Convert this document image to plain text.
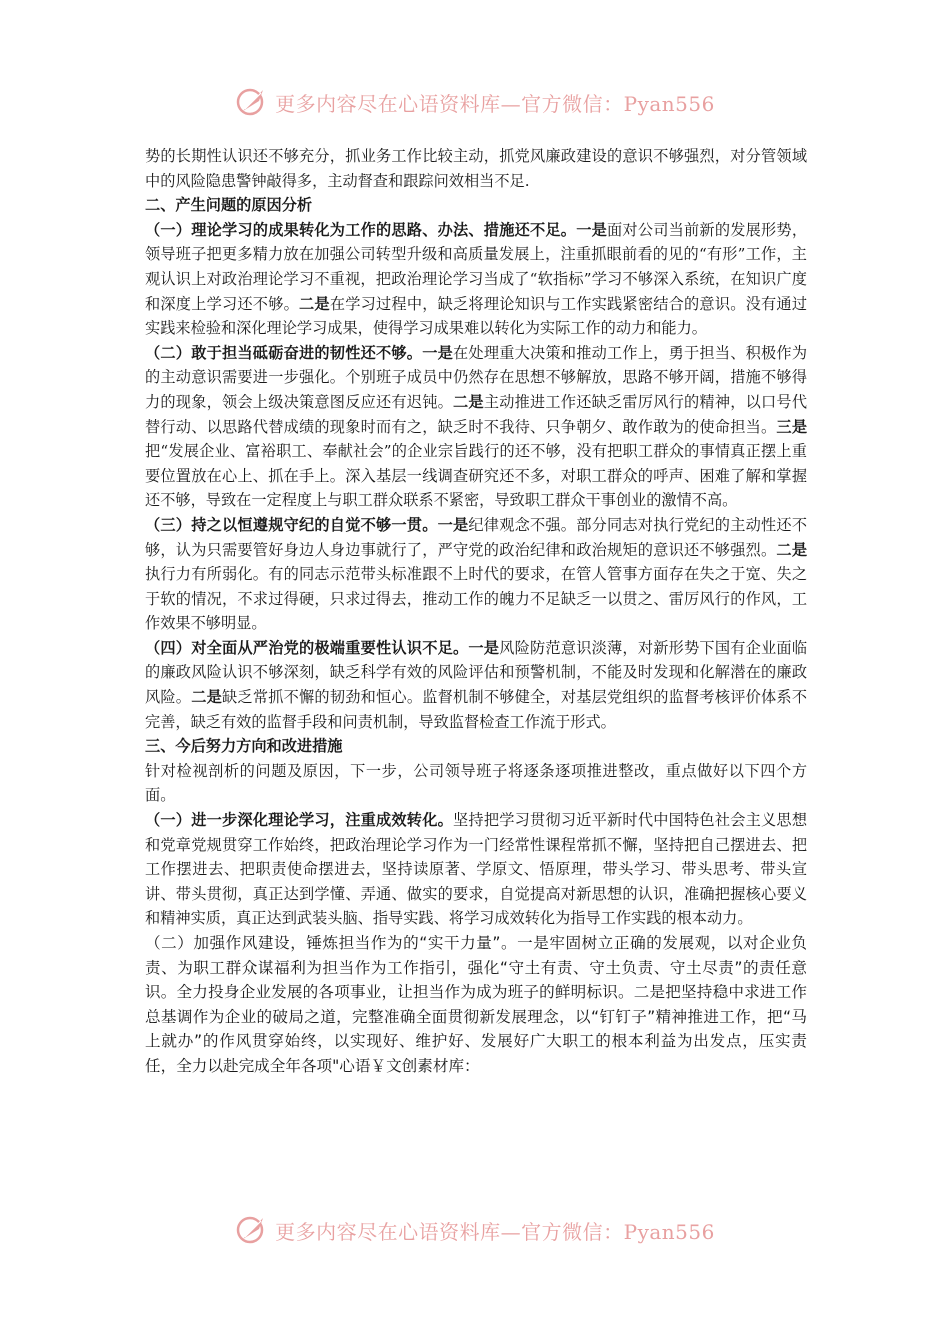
更多内容尽在心语资料库—官方微信：Pyan556

势的长期性认识还不够充分，抓业务工作比较主动，抓党风廉政建设的意识不够强烈，对分管领域中的风险隐患警钟敲得多，主动督查和跟踪问效相当不足.

二、产生问题的原因分析

（一）理论学习的成果转化为工作的思路、办法、措施还不足。一是面对公司当前新的发展形势，领导班子把更多精力放在加强公司转型升级和高质量发展上，注重抓眼前看的见的“有形”工作，主观认识上对政治理论学习不重视，把政治理论学习当成了“软指标”学习不够深入系统，在知识广度和深度上学习还不够。二是在学习过程中，缺乏将理论知识与工作实践紧密结合的意识。没有通过实践来检验和深化理论学习成果，使得学习成果难以转化为实际工作的动力和能力。

（二）敢于担当砥砺奋进的韧性还不够。一是在处理重大决策和推动工作上，勇于担当、积极作为的主动意识需要进一步强化。个别班子成员中仍然存在思想不够解放，思路不够开阔，措施不够得力的现象，领会上级决策意图反应还有迟钝。二是主动推进工作还缺乏雷厉风行的精神，以口号代替行动、以思路代替成绩的现象时而有之，缺乏时不我待、只争朝夕、敢作敢为的使命担当。三是把“发展企业、富裕职工、奉献社会”的企业宗旨践行的还不够，没有把职工群众的事情真正摆上重要位置放在心上、抓在手上。深入基层一线调查研究还不多，对职工群众的呼声、困难了解和掌握还不够，导致在一定程度上与职工群众联系不紧密，导致职工群众干事创业的激情不高。

（三）持之以恒遵规守纪的自觉不够一贯。一是纪律观念不强。部分同志对执行党纪的主动性还不够，认为只需要管好身边人身边事就行了，严守党的政治纪律和政治规矩的意识还不够强烈。二是执行力有所弱化。有的同志示范带头标准跟不上时代的要求，在管人管事方面存在失之于宽、失之于软的情况，不求过得硬，只求过得去，推动工作的魄力不足缺乏一以贯之、雷厉风行的作风，工作效果不够明显。

（四）对全面从严治党的极端重要性认识不足。一是风险防范意识淡薄，对新形势下国有企业面临的廉政风险认识不够深刻，缺乏科学有效的风险评估和预警机制，不能及时发现和化解潜在的廉政风险。二是缺乏常抓不懈的韧劲和恒心。监督机制不够健全，对基层党组织的监督考核评价体系不完善，缺乏有效的监督手段和问责机制，导致监督检查工作流于形式。

三、今后努力方向和改进措施

针对检视剖析的问题及原因，下一步，公司领导班子将逐条逐项推进整改，重点做好以下四个方面。

（一）进一步深化理论学习，注重成效转化。坚持把学习贯彻习近平新时代中国特色社会主义思想和党章党规贯穿工作始终，把政治理论学习作为一门经常性课程常抓不懈，坚持把自己摆进去、把工作摆进去、把职责使命摆进去，坚持读原著、学原文、悟原理，带头学习、带头思考、带头宣讲、带头贯彻，真正达到学懂、弄通、做实的要求，自觉提高对新思想的认识，准确把握核心要义和精神实质，真正达到武装头脑、指导实践、将学习成效转化为指导工作实践的根本动力。

（二）加强作风建设，锤炼担当作为的“实干力量”。一是牢固树立正确的发展观，以对企业负责、为职工群众谋福利为担当作为工作指引，强化“守土有责、守土负责、守土尽责”的责任意识。全力投身企业发展的各项事业，让担当作为成为班子的鲜明标识。二是把坚持稳中求进工作总基调作为企业的破局之道，完整准确全面贯彻新发展理念，以“钉钉子”精神推进工作，把“马上就办”的作风贯穿始终，以实现好、维护好、发展好广大职工的根本利益为出发点，压实责任，全力以赴完成全年各项"心语￥文创素材库：

更多内容尽在心语资料库—官方微信：Pyan556
